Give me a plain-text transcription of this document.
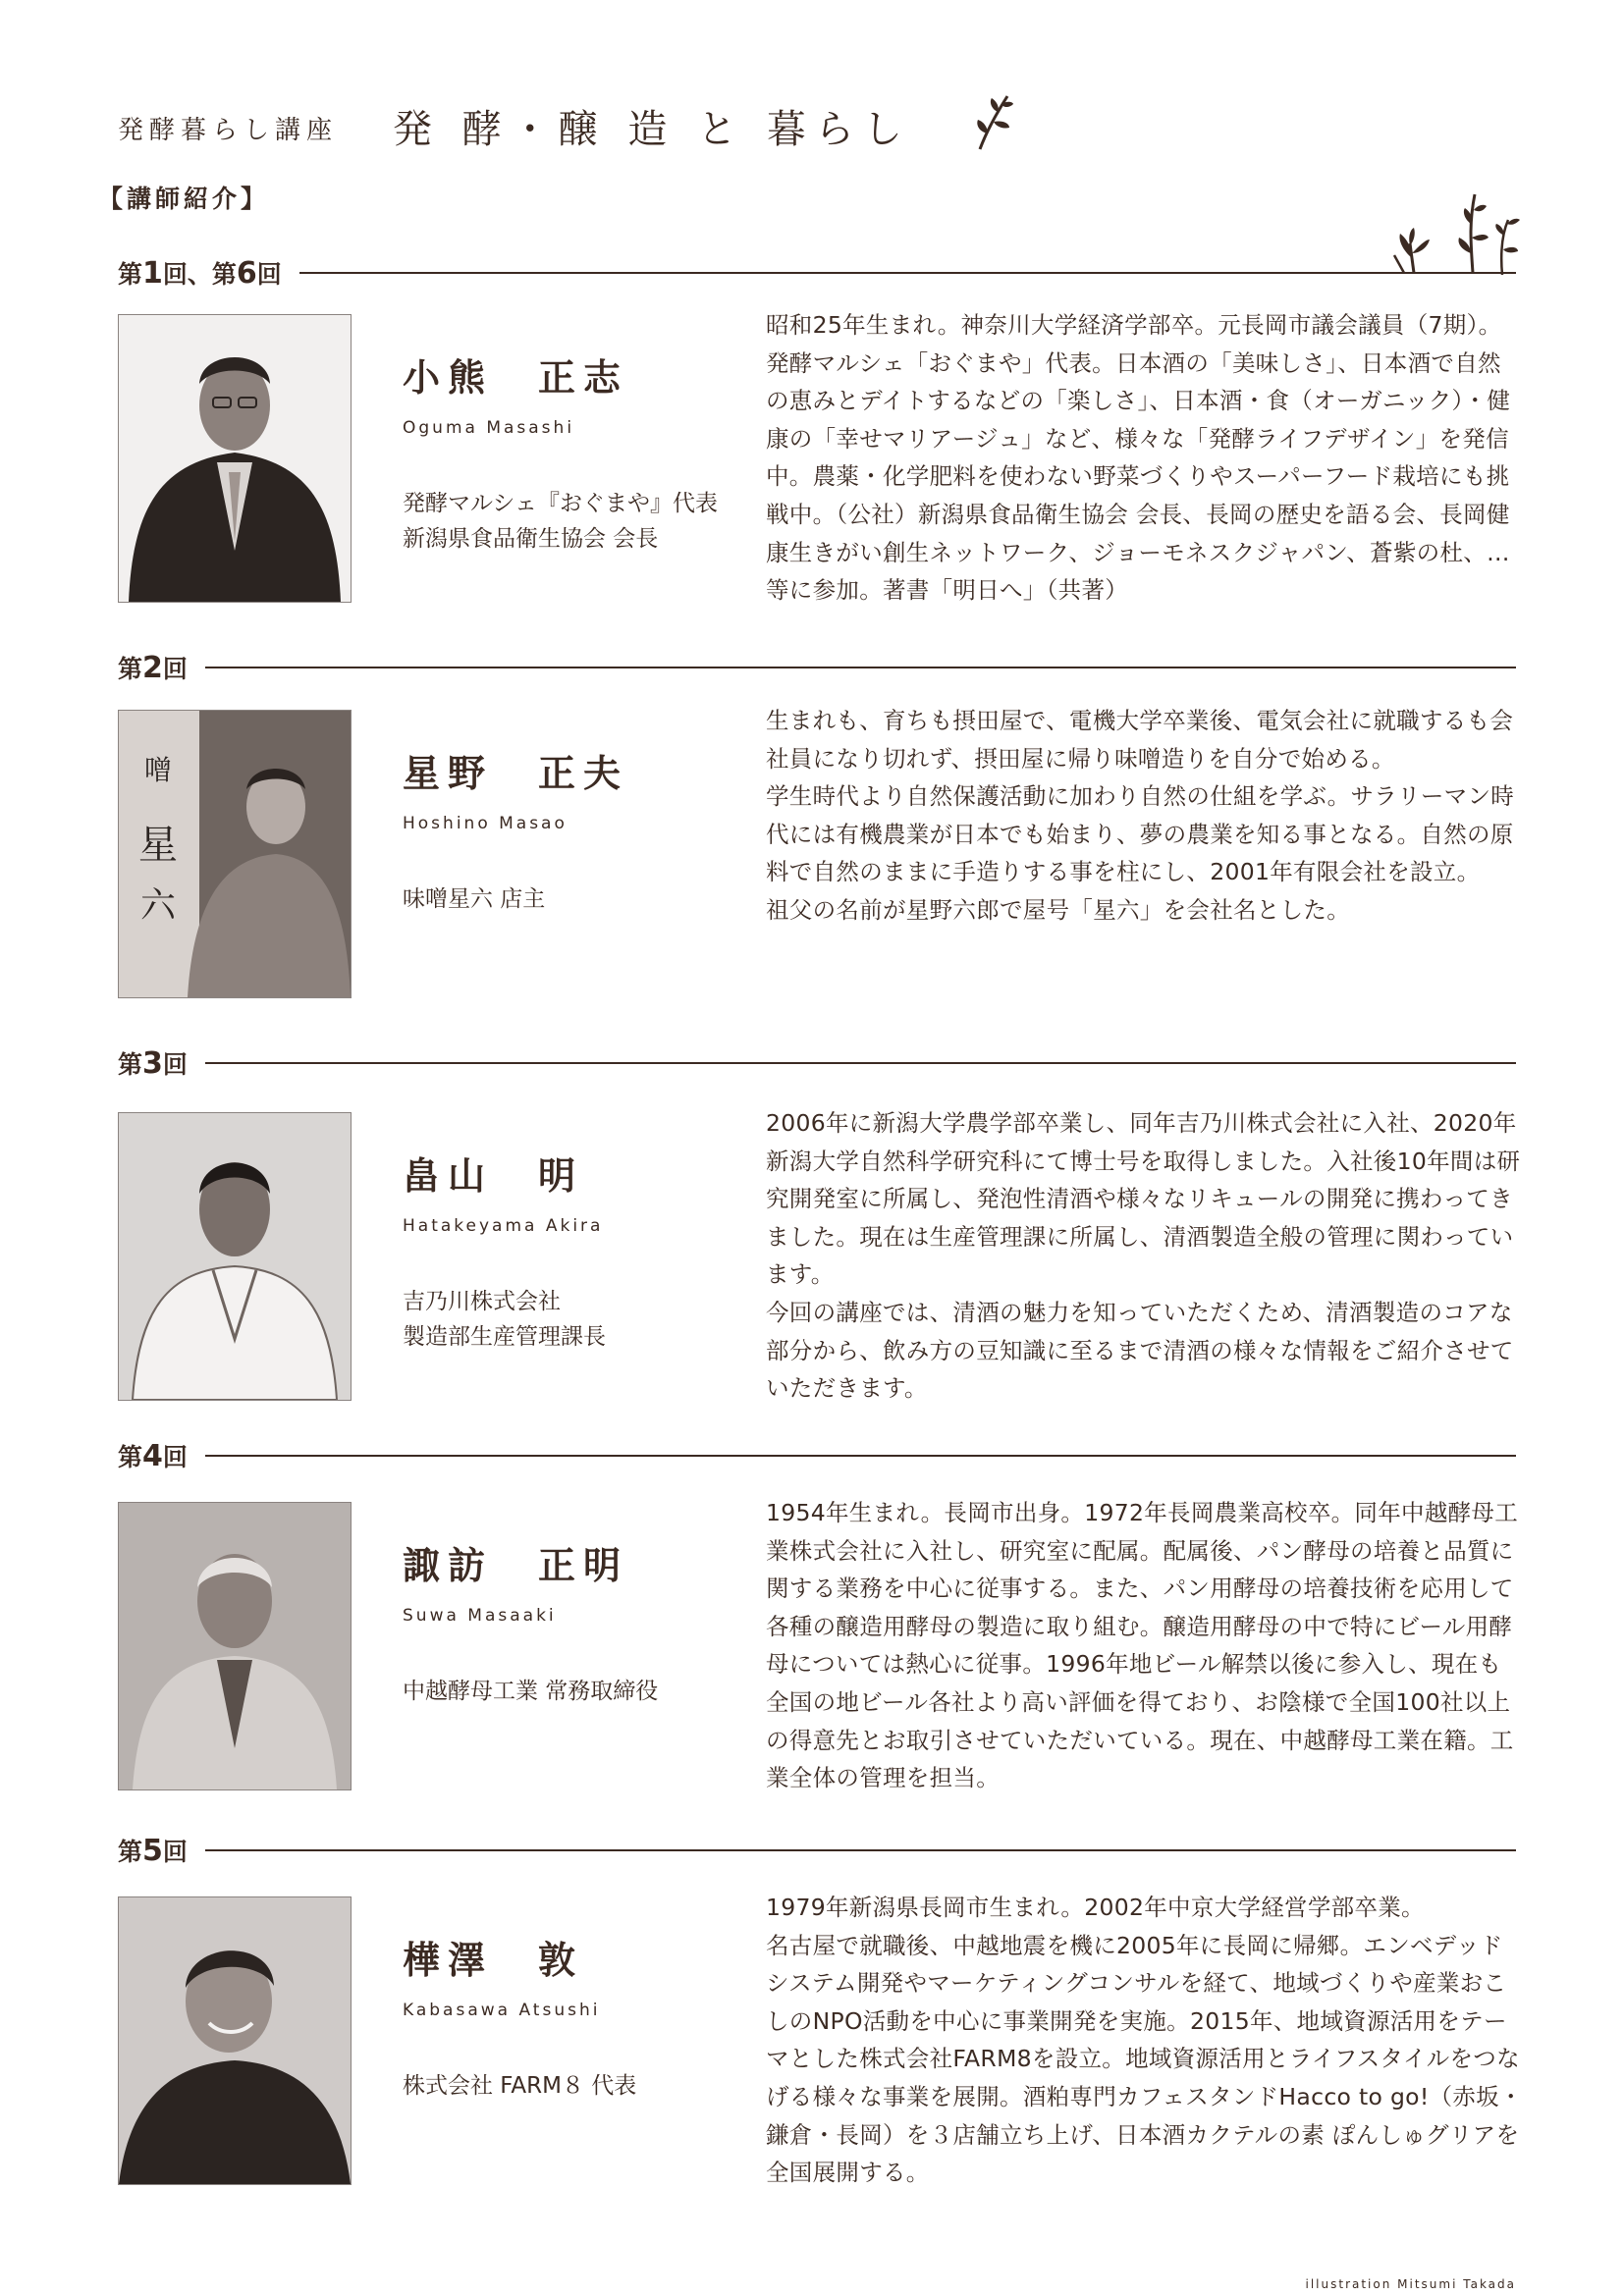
発酵暮らし講座 発 酵・醸 造 と 暮らし
【講師紹介】
第1回、第6回
小熊　正志
Oguma Masashi
発酵マルシェ『おぐまや』代表
新潟県食品衛生協会 会長

昭和25年生まれ。神奈川大学経済学部卒。元長岡市議会議員（7期）。発酵マルシェ「おぐまや」代表。日本酒の「美味しさ」、日本酒で自然の恵みとデイトするなどの「楽しさ」、日本酒・食（オーガニック）・健康の「幸せマリアージュ」など、様々な「発酵ライフデザイン」を発信中。農薬・化学肥料を使わない野菜づくりやスーパーフード栽培にも挑戦中。（公社）新潟県食品衛生協会 会長、長岡の歴史を語る会、長岡健康生きがい創生ネットワーク、ジョーモネスクジャパン、蒼紫の杜、…等に参加。著書「明日へ」（共著）

第2回
噌
星
六
星野　正夫
Hoshino Masao
味噌星六 店主

生まれも、育ちも摂田屋で、電機大学卒業後、電気会社に就職するも会社員になり切れず、摂田屋に帰り味噌造りを自分で始める。

学生時代より自然保護活動に加わり自然の仕組を学ぶ。サラリーマン時代には有機農業が日本でも始まり、夢の農業を知る事となる。自然の原料で自然のままに手造りする事を柱にし、2001年有限会社を設立。

祖父の名前が星野六郎で屋号「星六」を会社名とした。

第3回
畠山　明
Hatakeyama Akira
吉乃川株式会社
製造部生産管理課長

2006年に新潟大学農学部卒業し、同年吉乃川株式会社に入社、2020年新潟大学自然科学研究科にて博士号を取得しました。入社後10年間は研究開発室に所属し、発泡性清酒や様々なリキュールの開発に携わってきました。現在は生産管理課に所属し、清酒製造全般の管理に関わっています。

今回の講座では、清酒の魅力を知っていただくため、清酒製造のコアな部分から、飲み方の豆知識に至るまで清酒の様々な情報をご紹介させていただきます。

第4回
諏訪　正明
Suwa Masaaki
中越酵母工業 常務取締役

1954年生まれ。長岡市出身。1972年長岡農業高校卒。同年中越酵母工業株式会社に入社し、研究室に配属。配属後、パン酵母の培養と品質に関する業務を中心に従事する。また、パン用酵母の培養技術を応用して各種の醸造用酵母の製造に取り組む。醸造用酵母の中で特にビール用酵母については熱心に従事。1996年地ビール解禁以後に参入し、現在も全国の地ビール各社より高い評価を得ており、お陰様で全国100社以上の得意先とお取引させていただいている。現在、中越酵母工業在籍。工業全体の管理を担当。

第5回
樺澤　敦
Kabasawa Atsushi
株式会社 FARM８ 代表

1979年新潟県長岡市生まれ。2002年中京大学経営学部卒業。

名古屋で就職後、中越地震を機に2005年に長岡に帰郷。エンベデッドシステム開発やマーケティングコンサルを経て、地域づくりや産業おこしのNPO活動を中心に事業開発を実施。2015年、地域資源活用をテーマとした株式会社FARM8を設立。地域資源活用とライフスタイルをつなげる様々な事業を展開。酒粕専門カフェスタンドHacco to go!（赤坂・鎌倉・長岡）を３店舗立ち上げ、日本酒カクテルの素 ぽんしゅグリアを全国展開する。

illustration Mitsumi Takada
